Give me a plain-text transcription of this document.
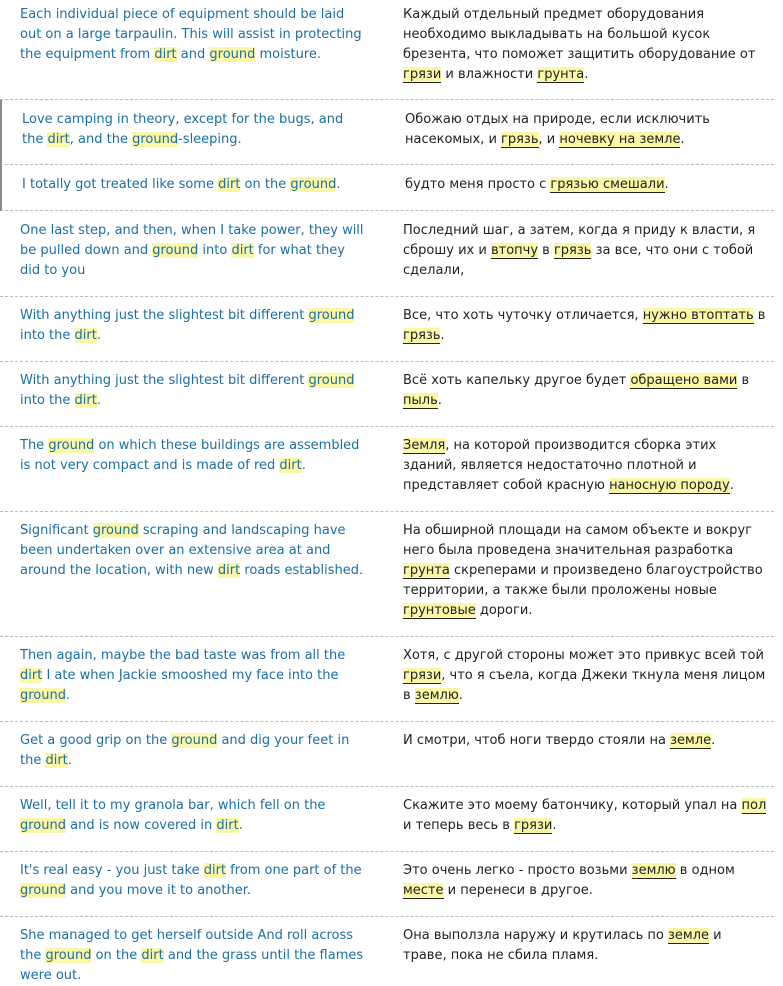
Each individual piece of equipment should be laid out on a large tarpaulin. This will assist in protecting the equipment from dirt and ground moisture.
Каждый отдельный предмет оборудования необходимо выкладывать на большой кусок брезента, что поможет защитить оборудование от грязи и влажности грунта.
Love camping in theory, except for the bugs, and the dirt, and the ground-sleeping.
Обожаю отдых на природе, если исключить насекомых, и грязь, и ночевку на земле.
I totally got treated like some dirt on the ground.	будто меня просто с грязью смешали.
One last step, and then, when I take power, they will be pulled down and ground into dirt for what they did to you
Последний шаг, а затем, когда я приду к власти, я сброшу их и втопчу в грязь за все, что они с тобой сделали,
With anything just the slightest bit different ground into the dirt.
Все, что хоть чуточку отличается, нужно втоптать в грязь.
With anything just the slightest bit different ground into the dirt.
Всё хоть капельку другое будет обращено вами в пыль.
The ground on which these buildings are assembled is not very compact and is made of red dirt.
Земля, на которой производится сборка этих зданий, является недостаточно плотной и представляет собой красную наносную породу.
Significant ground scraping and landscaping have been undertaken over an extensive area at and around the location, with new dirt roads established.
На обширной площади на самом объекте и вокруг него была проведена значительная разработка грунта скреперами и произведено благоустройство территории, а также были проложены новые грунтовые дороги.
Then again, maybe the bad taste was from all the dirt I ate when Jackie smooshed my face into the ground.
Хотя, с другой стороны может это привкус всей той грязи, что я съела, когда Джеки ткнула меня лицом в землю.
Get a good grip on the ground and dig your feet in the dirt.
И смотри, чтоб ноги твердо стояли на земле.
Well, tell it to my granola bar, which fell on the ground and is now covered in dirt.
Скажите это моему батончику, который упал на пол и теперь весь в грязи.
It's real easy - you just take dirt from one part of the ground and you move it to another.
Это очень легко - просто возьми землю в одном месте и перенеси в другое.
She managed to get herself outside And roll across the ground on the dirt and the grass until the flames were out.
Она выползла наружу и крутилась по земле и траве, пока не сбила пламя.
